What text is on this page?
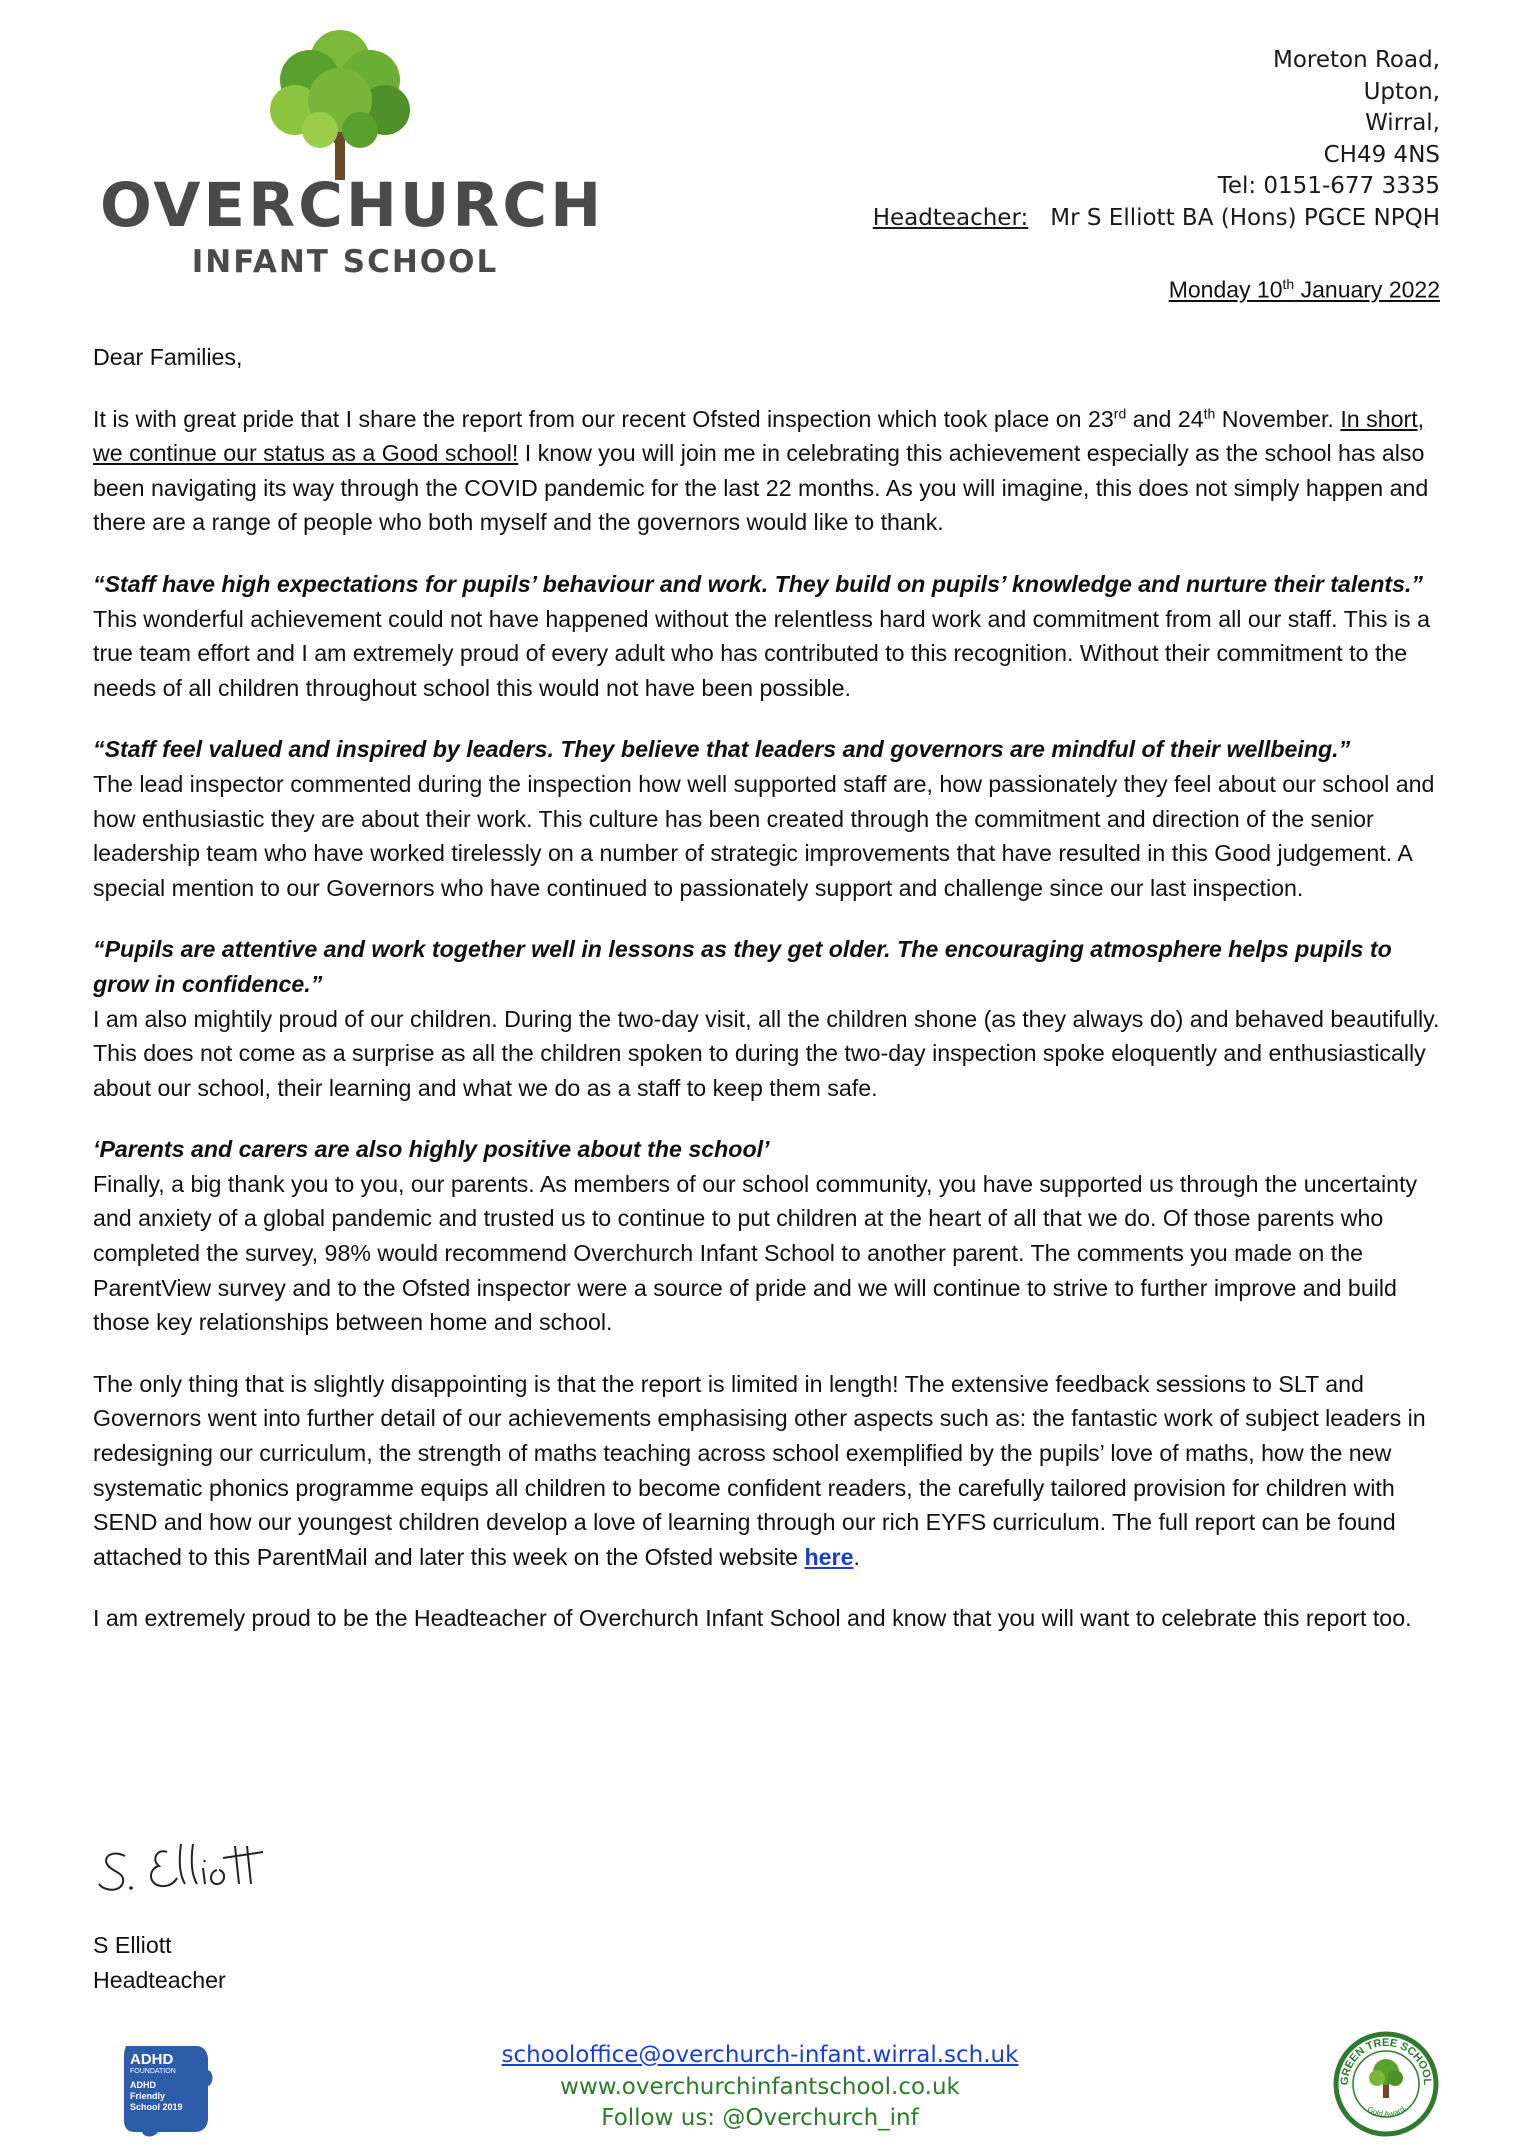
OVERCHURCH
INFANT SCHOOL
Moreton Road,
Upton,
Wirral,
CH49 4NS
Tel: 0151-677 3335
Headteacher: Mr S Elliott BA (Hons) PGCE NPQH
Monday 10th January 2022

Dear Families,

It is with great pride that I share the report from our recent Ofsted inspection which took place on 23rd and 24th November. In short, we continue our status as a Good school! I know you will join me in celebrating this achievement especially as the school has also been navigating its way through the COVID pandemic for the last 22 months. As you will imagine, this does not simply happen and there are a range of people who both myself and the governors would like to thank.

“Staff have high expectations for pupils’ behaviour and work. They build on pupils’ knowledge and nurture their talents.”
This wonderful achievement could not have happened without the relentless hard work and commitment from all our staff. This is a true team effort and I am extremely proud of every adult who has contributed to this recognition. Without their commitment to the needs of all children throughout school this would not have been possible.

“Staff feel valued and inspired by leaders. They believe that leaders and governors are mindful of their wellbeing.”
The lead inspector commented during the inspection how well supported staff are, how passionately they feel about our school and how enthusiastic they are about their work. This culture has been created through the commitment and direction of the senior leadership team who have worked tirelessly on a number of strategic improvements that have resulted in this Good judgement. A special mention to our Governors who have continued to passionately support and challenge since our last inspection.

“Pupils are attentive and work together well in lessons as they get older. The encouraging atmosphere helps pupils to grow in confidence.”
I am also mightily proud of our children. During the two-day visit, all the children shone (as they always do) and behaved beautifully. This does not come as a surprise as all the children spoken to during the two-day inspection spoke eloquently and enthusiastically about our school, their learning and what we do as a staff to keep them safe.

‘Parents and carers are also highly positive about the school’
Finally, a big thank you to you, our parents. As members of our school community, you have supported us through the uncertainty and anxiety of a global pandemic and trusted us to continue to put children at the heart of all that we do. Of those parents who completed the survey, 98% would recommend Overchurch Infant School to another parent. The comments you made on the ParentView survey and to the Ofsted inspector were a source of pride and we will continue to strive to further improve and build those key relationships between home and school.

The only thing that is slightly disappointing is that the report is limited in length! The extensive feedback sessions to SLT and Governors went into further detail of our achievements emphasising other aspects such as: the fantastic work of subject leaders in redesigning our curriculum, the strength of maths teaching across school exemplified by the pupils’ love of maths, how the new systematic phonics programme equips all children to become confident readers, the carefully tailored provision for children with SEND and how our youngest children develop a love of learning through our rich EYFS curriculum. The full report can be found attached to this ParentMail and later this week on the Ofsted website here.

I am extremely proud to be the Headteacher of Overchurch Infant School and know that you will want to celebrate this report too.

S Elliott
Headteacher
ADHD
FOUNDATION
ADHD
Friendly
School 2019
schooloffice@overchurch-infant.wirral.sch.uk
www.overchurchinfantschool.co.uk
Follow us: @Overchurch_inf
GREEN TREE SCHOOL
Gold Award
